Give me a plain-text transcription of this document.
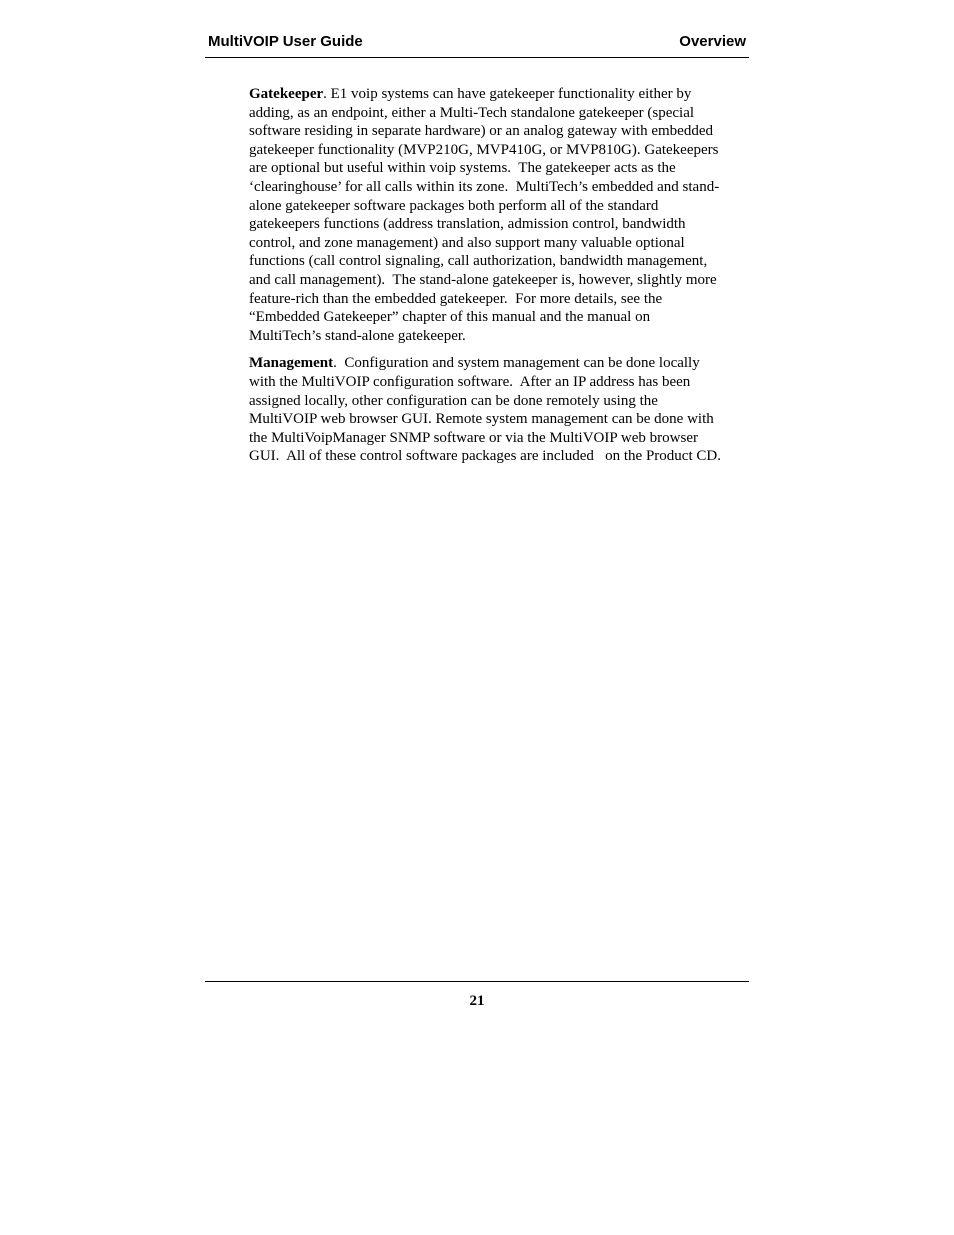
MultiVOIP User Guide	Overview

Gatekeeper. E1 voip systems can have gatekeeper functionality either by
adding, as an endpoint, either a Multi-Tech standalone gatekeeper (special
software residing in separate hardware) or an analog gateway with embedded
gatekeeper functionality (MVP210G, MVP410G, or MVP810G). Gatekeepers
are optional but useful within voip systems.  The gatekeeper acts as the
‘clearinghouse’ for all calls within its zone.  MultiTech’s embedded and stand-
alone gatekeeper software packages both perform all of the standard
gatekeepers functions (address translation, admission control, bandwidth
control, and zone management) and also support many valuable optional
functions (call control signaling, call authorization, bandwidth management,
and call management).  The stand-alone gatekeeper is, however, slightly more
feature-rich than the embedded gatekeeper.  For more details, see the
“Embedded Gatekeeper” chapter of this manual and the manual on
MultiTech’s stand-alone gatekeeper.

Management.  Configuration and system management can be done locally
with the MultiVOIP configuration software.  After an IP address has been
assigned locally, other configuration can be done remotely using the
MultiVOIP web browser GUI. Remote system management can be done with
the MultiVoipManager SNMP software or via the MultiVOIP web browser
GUI.  All of these control software packages are included   on the Product CD.

21
